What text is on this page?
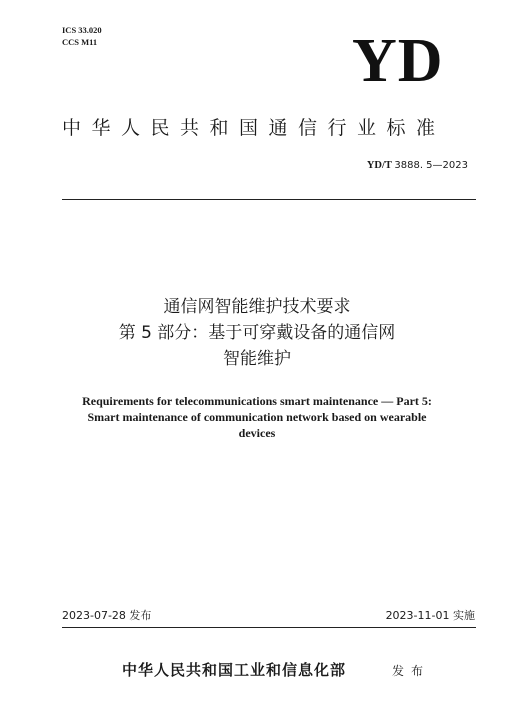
ICS 33.020
CCS M11	YD
中华人民共和国通信行业标准
YD/T 3888. 5—2023
通信网智能维护技术要求
第 5 部分：基于可穿戴设备的通信网
智能维护
Requirements for telecommunications smart maintenance — Part 5:
Smart maintenance of communication network based on wearable
devices
2023-07-28 发布	2023-11-01 实施
中华人民共和国工业和信息化部	发布
